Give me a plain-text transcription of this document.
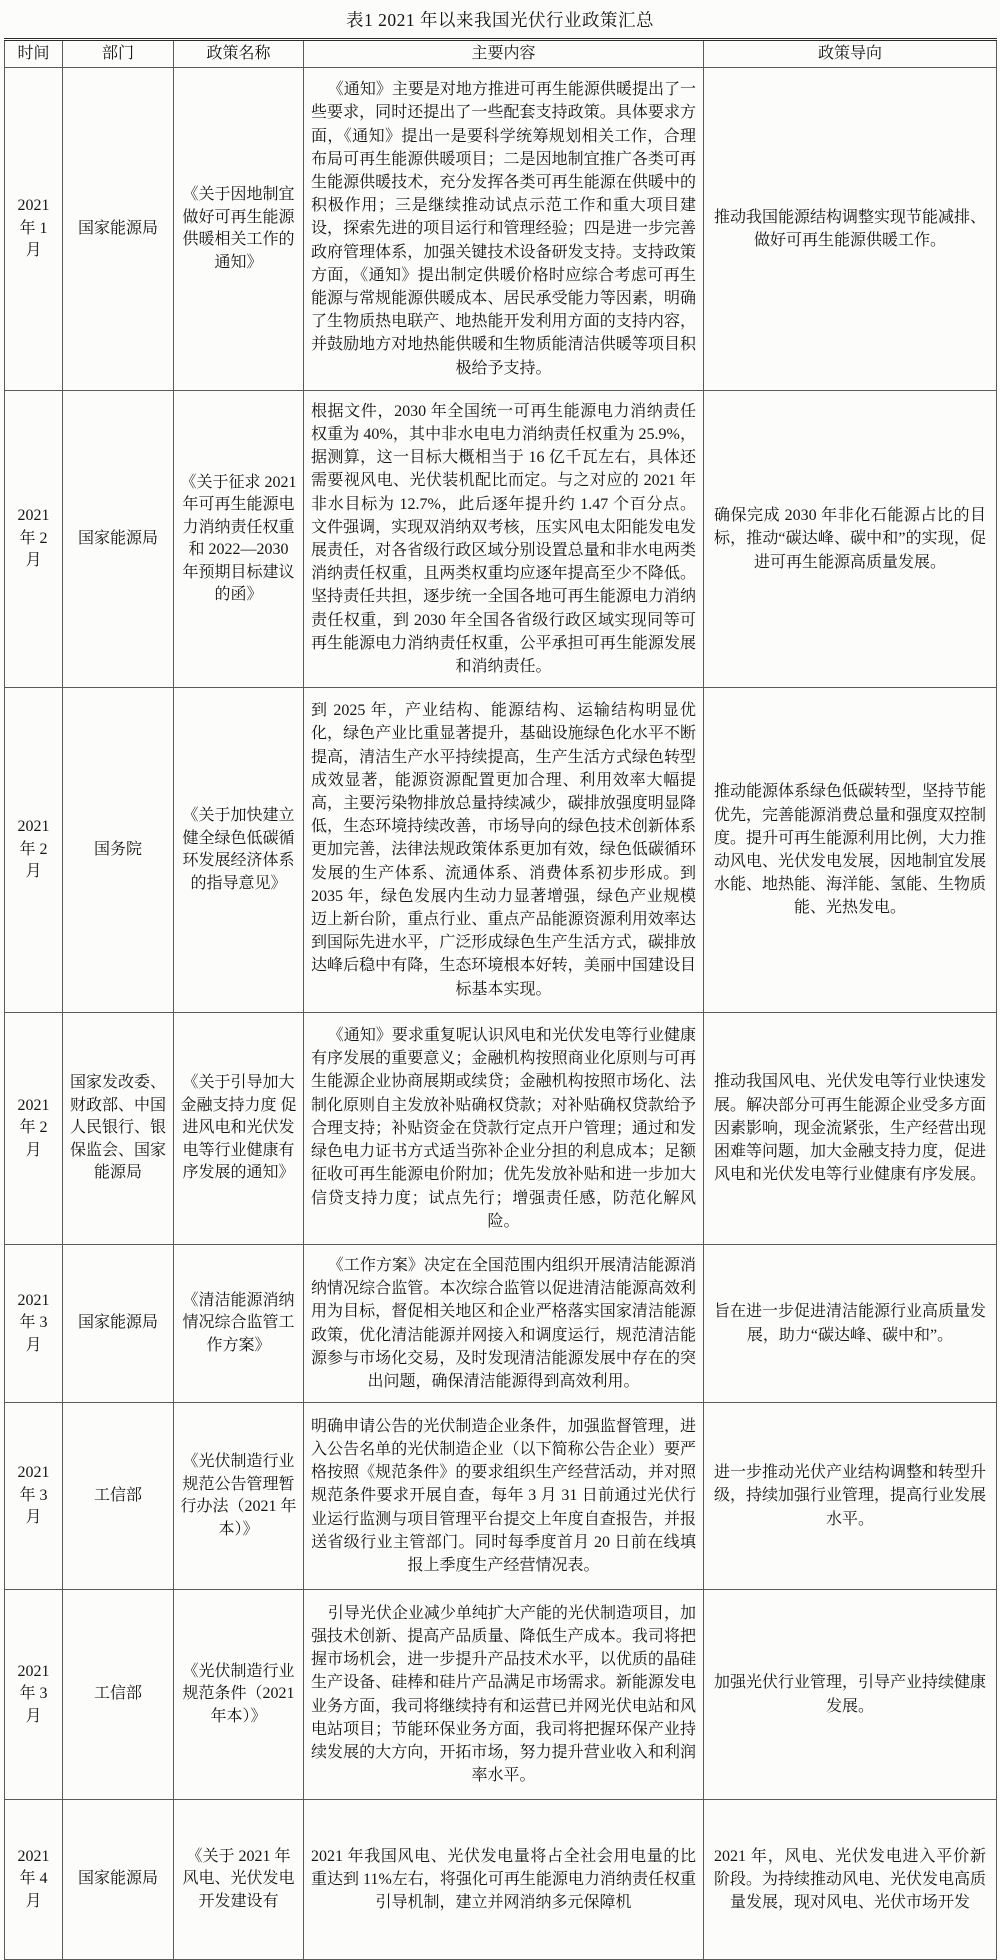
表1 2021 年以来我国光伏行业政策汇总

时间	部门	政策名称	主要内容	政策导向
2021 年 1 月	国家能源局	《关于因地制宜做好可再生能源供暖相关工作的通知》	《通知》主要是对地方推进可再生能源供暖提出了一些要求，同时还提出了一些配套支持政策。具体要求方面，《通知》提出一是要科学统筹规划相关工作，合理布局可再生能源供暖项目；二是因地制宜推广各类可再生能源供暖技术，充分发挥各类可再生能源在供暖中的积极作用；三是继续推动试点示范工作和重大项目建设，探索先进的项目运行和管理经验；四是进一步完善政府管理体系，加强关键技术设备研发支持。支持政策方面，《通知》提出制定供暖价格时应综合考虑可再生能源与常规能源供暖成本、居民承受能力等因素，明确了生物质热电联产、地热能开发利用方面的支持内容，并鼓励地方对地热能供暖和生物质能清洁供暖等项目积极给予支持。	推动我国能源结构调整实现节能减排、做好可再生能源供暖工作。
2021 年 2 月	国家能源局	《关于征求 2021 年可再生能源电力消纳责任权重和 2022—2030 年预期目标建议的函》	根据文件，2030 年全国统一可再生能源电力消纳责任权重为 40%，其中非水电电力消纳责任权重为 25.9%，据测算，这一目标大概相当于 16 亿千瓦左右，具体还需要视风电、光伏装机配比而定。与之对应的 2021 年非水目标为 12.7%，此后逐年提升约 1.47 个百分点。文件强调，实现双消纳双考核，压实风电太阳能发电发展责任，对各省级行政区域分别设置总量和非水电两类消纳责任权重，且两类权重均应逐年提高至少不降低。坚持责任共担，逐步统一全国各地可再生能源电力消纳责任权重，到 2030 年全国各省级行政区域实现同等可再生能源电力消纳责任权重，公平承担可再生能源发展和消纳责任。	确保完成 2030 年非化石能源占比的目标，推动“碳达峰、碳中和”的实现，促进可再生能源高质量发展。
2021 年 2 月	国务院	《关于加快建立健全绿色低碳循环发展经济体系的指导意见》	到 2025 年，产业结构、能源结构、运输结构明显优化，绿色产业比重显著提升，基础设施绿色化水平不断提高，清洁生产水平持续提高，生产生活方式绿色转型成效显著，能源资源配置更加合理、利用效率大幅提高，主要污染物排放总量持续减少，碳排放强度明显降低，生态环境持续改善，市场导向的绿色技术创新体系更加完善，法律法规政策体系更加有效，绿色低碳循环发展的生产体系、流通体系、消费体系初步形成。到 2035 年，绿色发展内生动力显著增强，绿色产业规模迈上新台阶，重点行业、重点产品能源资源利用效率达到国际先进水平，广泛形成绿色生产生活方式，碳排放达峰后稳中有降，生态环境根本好转，美丽中国建设目标基本实现。	推动能源体系绿色低碳转型，坚持节能优先，完善能源消费总量和强度双控制度。提升可再生能源利用比例，大力推动风电、光伏发电发展，因地制宜发展水能、地热能、海洋能、氢能、生物质能、光热发电。
2021 年 2 月	国家发改委、财政部、中国人民银行、银保监会、国家能源局	《关于引导加大金融支持力度 促进风电和光伏发电等行业健康有序发展的通知》	《通知》要求重复呢认识风电和光伏发电等行业健康有序发展的重要意义；金融机构按照商业化原则与可再生能源企业协商展期或续贷；金融机构按照市场化、法制化原则自主发放补贴确权贷款；对补贴确权贷款给予合理支持；补贴资金在贷款行定点开户管理；通过和发绿色电力证书方式适当弥补企业分担的利息成本；足额征收可再生能源电价附加；优先发放补贴和进一步加大信贷支持力度；试点先行；增强责任感，防范化解风险。	推动我国风电、光伏发电等行业快速发展。解决部分可再生能源企业受多方面因素影响，现金流紧张，生产经营出现困难等问题，加大金融支持力度，促进风电和光伏发电等行业健康有序发展。
2021 年 3 月	国家能源局	《清洁能源消纳情况综合监管工作方案》	《工作方案》决定在全国范围内组织开展清洁能源消纳情况综合监管。本次综合监管以促进清洁能源高效利用为目标，督促相关地区和企业严格落实国家清洁能源政策，优化清洁能源并网接入和调度运行，规范清洁能源参与市场化交易，及时发现清洁能源发展中存在的突出问题，确保清洁能源得到高效利用。	旨在进一步促进清洁能源行业高质量发展，助力“碳达峰、碳中和”。
2021 年 3 月	工信部	《光伏制造行业规范公告管理暂行办法（2021 年本）》	明确申请公告的光伏制造企业条件，加强监督管理，进入公告名单的光伏制造企业（以下简称公告企业）要严格按照《规范条件》的要求组织生产经营活动，并对照规范条件要求开展自查，每年 3 月 31 日前通过光伏行业运行监测与项目管理平台提交上年度自查报告，并报送省级行业主管部门。同时每季度首月 20 日前在线填报上季度生产经营情况表。	进一步推动光伏产业结构调整和转型升级，持续加强行业管理，提高行业发展水平。
2021 年 3 月	工信部	《光伏制造行业规范条件（2021 年本）》	引导光伏企业减少单纯扩大产能的光伏制造项目，加强技术创新、提高产品质量、降低生产成本。我司将把握市场机会，进一步提升产品技术水平，以优质的晶硅生产设备、硅棒和硅片产品满足市场需求。新能源发电业务方面，我司将继续持有和运营已并网光伏电站和风电站项目；节能环保业务方面，我司将把握环保产业持续发展的大方向，开拓市场，努力提升营业收入和利润率水平。	加强光伏行业管理，引导产业持续健康发展。
2021 年 4 月	国家能源局	《关于 2021 年风电、光伏发电开发建设有	2021 年我国风电、光伏发电量将占全社会用电量的比重达到 11%左右，将强化可再生能源电力消纳责任权重引导机制，建立并网消纳多元保障机	2021 年，风电、光伏发电进入平价新阶段。为持续推动风电、光伏发电高质量发展，现对风电、光伏市场开发
